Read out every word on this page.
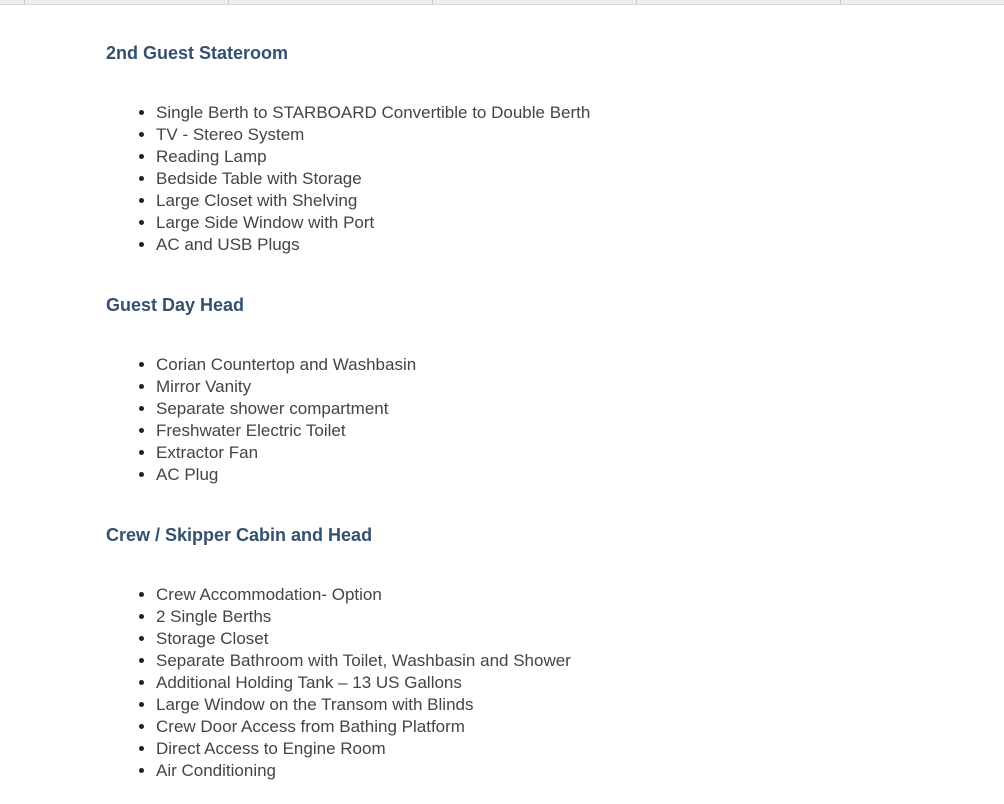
2nd Guest Stateroom
• Single Berth to STARBOARD Convertible to Double Berth
• TV - Stereo System
• Reading Lamp
• Bedside Table with Storage
• Large Closet with Shelving
• Large Side Window with Port
• AC and USB Plugs
Guest Day Head
• Corian Countertop and Washbasin
• Mirror Vanity
• Separate shower compartment
• Freshwater Electric Toilet
• Extractor Fan
• AC Plug
Crew / Skipper Cabin and Head
• Crew Accommodation- Option
• 2 Single Berths
• Storage Closet
• Separate Bathroom with Toilet, Washbasin and Shower
• Additional Holding Tank – 13 US Gallons
• Large Window on the Transom with Blinds
• Crew Door Access from Bathing Platform
• Direct Access to Engine Room
• Air Conditioning
